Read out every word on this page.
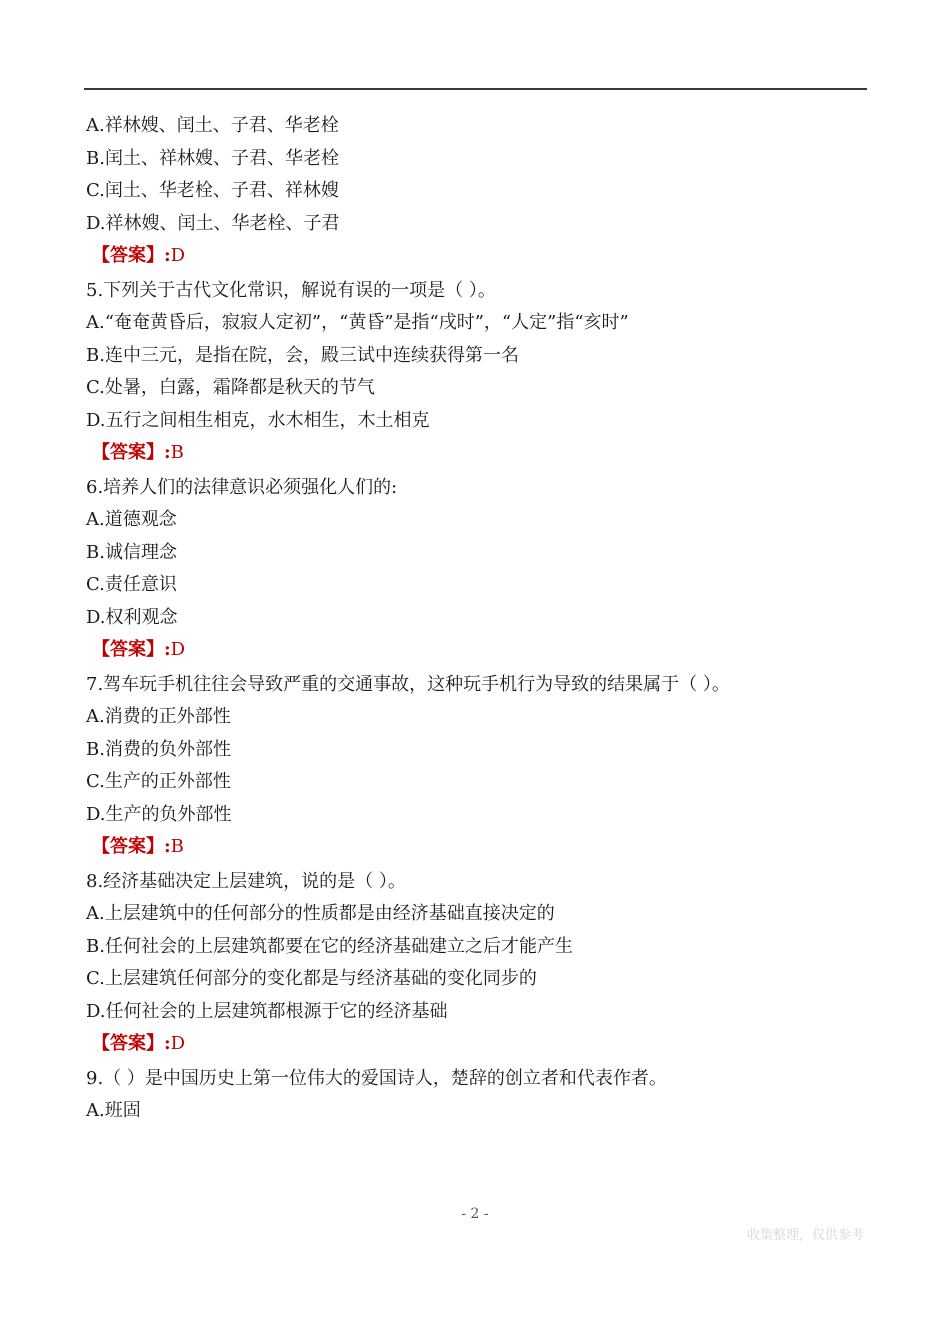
A.祥林嫂、闰土、子君、华老栓
B.闰土、祥林嫂、子君、华老栓
C.闰土、华老栓、子君、祥林嫂
D.祥林嫂、闰土、华老栓、子君
【答案】:D
5.下列关于古代文化常识，解说有误的一项是（ ）。
A.“奄奄黄昏后，寂寂人定初”，“黄昏”是指“戌时”，“人定”指“亥时”
B.连中三元，是指在院，会，殿三试中连续获得第一名
C.处暑，白露，霜降都是秋天的节气
D.五行之间相生相克，水木相生，木土相克
【答案】:B
6.培养人们的法律意识必须强化人们的:
A.道德观念
B.诚信理念
C.责任意识
D.权利观念
【答案】:D
7.驾车玩手机往往会导致严重的交通事故，这种玩手机行为导致的结果属于（ ）。
A.消费的正外部性
B.消费的负外部性
C.生产的正外部性
D.生产的负外部性
【答案】:B
8.经济基础决定上层建筑，说的是（ ）。
A.上层建筑中的任何部分的性质都是由经济基础直接决定的
B.任何社会的上层建筑都要在它的经济基础建立之后才能产生
C.上层建筑任何部分的变化都是与经济基础的变化同步的
D.任何社会的上层建筑都根源于它的经济基础
【答案】:D
9.（ ）是中国历史上第一位伟大的爱国诗人，楚辞的创立者和代表作者。
A.班固
- 2 -
收集整理，仅供参考
